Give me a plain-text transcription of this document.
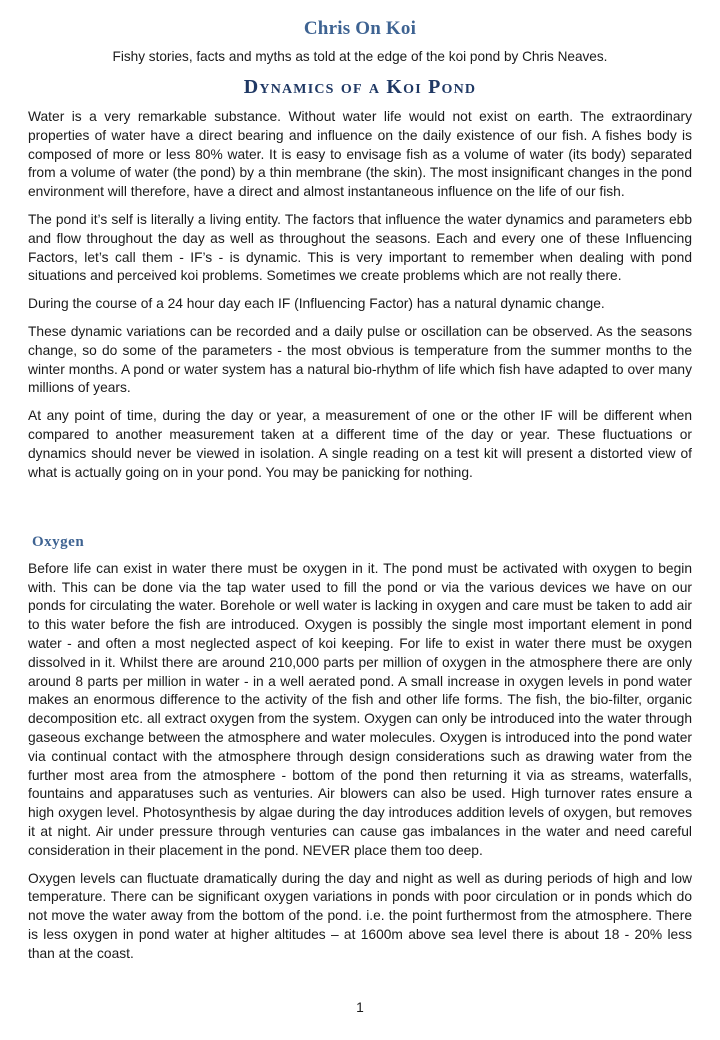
Chris On Koi
Fishy stories, facts and myths as told at the edge of the koi pond by Chris Neaves.
Dynamics of a Koi Pond

Water is a very remarkable substance. Without water life would not exist on earth. The extraordinary properties of water have a direct bearing and influence on the daily existence of our fish. A fishes body is composed of more or less 80% water. It is easy to envisage fish as a volume of water (its body) separated from a volume of water (the pond) by a thin membrane (the skin). The most insignificant changes in the pond environment will therefore, have a direct and almost instantaneous influence on the life of our fish.

The pond it’s self is literally a living entity. The factors that influence the water dynamics and parameters ebb and flow throughout the day as well as throughout the seasons. Each and every one of these Influencing Factors, let’s call them - IF’s - is dynamic. This is very important to remember when dealing with pond situations and perceived koi problems. Sometimes we create problems which are not really there.

During the course of a 24 hour day each IF (Influencing Factor) has a natural dynamic change.

These dynamic variations can be recorded and a daily pulse or oscillation can be observed. As the seasons change, so do some of the parameters - the most obvious is temperature from the summer months to the winter months. A pond or water system has a natural bio-rhythm of life which fish have adapted to over many millions of years.

At any point of time, during the day or year, a measurement of one or the other IF will be different when compared to another measurement taken at a different time of the day or year. These fluctuations or dynamics should never be viewed in isolation. A single reading on a test kit will present a distorted view of what is actually going on in your pond. You may be panicking for nothing.

Oxygen

Before life can exist in water there must be oxygen in it. The pond must be activated with oxygen to begin with. This can be done via the tap water used to fill the pond or via the various devices we have on our ponds for circulating the water. Borehole or well water is lacking in oxygen and care must be taken to add air to this water before the fish are introduced. Oxygen is possibly the single most important element in pond water - and often a most neglected aspect of koi keeping. For life to exist in water there must be oxygen dissolved in it. Whilst there are around 210,000 parts per million of oxygen in the atmosphere there are only around 8 parts per million in water - in a well aerated pond. A small increase in oxygen levels in pond water makes an enormous difference to the activity of the fish and other life forms. The fish, the bio-filter, organic decomposition etc. all extract oxygen from the system. Oxygen can only be introduced into the water through gaseous exchange between the atmosphere and water molecules. Oxygen is introduced into the pond water via continual contact with the atmosphere through design considerations such as drawing water from the further most area from the atmosphere - bottom of the pond then returning it via as streams, waterfalls, fountains and apparatuses such as venturies. Air blowers can also be used. High turnover rates ensure a high oxygen level. Photosynthesis by algae during the day introduces addition levels of oxygen, but removes it at night. Air under pressure through venturies can cause gas imbalances in the water and need careful consideration in their placement in the pond. NEVER place them too deep.

Oxygen levels can fluctuate dramatically during the day and night as well as during periods of high and low temperature. There can be significant oxygen variations in ponds with poor circulation or in ponds which do not move the water away from the bottom of the pond. i.e. the point furthermost from the atmosphere. There is less oxygen in pond water at higher altitudes – at 1600m above sea level there is about 18 - 20% less than at the coast.

1
